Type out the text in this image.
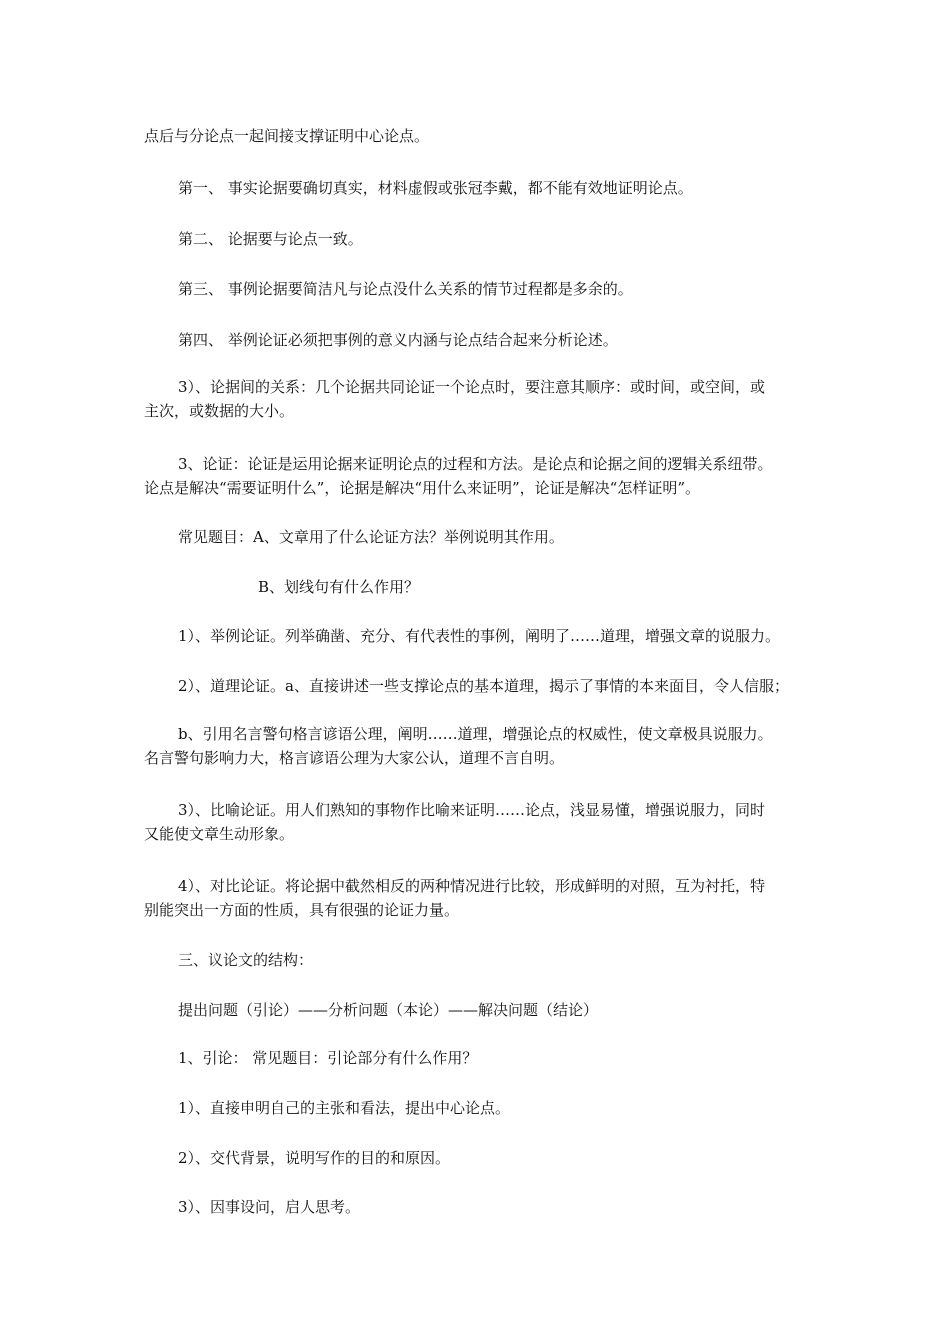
点后与分论点一起间接支撑证明中心论点。

第一、 事实论据要确切真实，材料虚假或张冠李戴，都不能有效地证明论点。

第二、 论据要与论点一致。

第三、 事例论据要简洁凡与论点没什么关系的情节过程都是多余的。

第四、 举例论证必须把事例的意义内涵与论点结合起来分析论述。

3）、论据间的关系：几个论据共同论证一个论点时，要注意其顺序：或时间，或空间，或
主次，或数据的大小。

3、论证：论证是运用论据来证明论点的过程和方法。是论点和论据之间的逻辑关系纽带。
论点是解决“需要证明什么”，论据是解决“用什么来证明”，论证是解决“怎样证明”。

常见题目：A、文章用了什么论证方法？举例说明其作用。

B、划线句有什么作用？

1）、举例论证。列举确凿、充分、有代表性的事例，阐明了……道理，增强文章的说服力。

2）、道理论证。a、直接讲述一些支撑论点的基本道理，揭示了事情的本来面目，令人信服；

b、引用名言警句格言谚语公理，阐明……道理，增强论点的权威性，使文章极具说服力。
名言警句影响力大，格言谚语公理为大家公认，道理不言自明。

3）、比喻论证。用人们熟知的事物作比喻来证明……论点，浅显易懂，增强说服力，同时
又能使文章生动形象。

4）、对比论证。将论据中截然相反的两种情况进行比较，形成鲜明的对照，互为衬托，特
别能突出一方面的性质，具有很强的论证力量。

三、议论文的结构：

提出问题（引论）——分析问题（本论）——解决问题（结论）

1、引论： 常见题目：引论部分有什么作用？

1）、直接申明自己的主张和看法，提出中心论点。

2）、交代背景，说明写作的目的和原因。

3）、因事设问，启人思考。
